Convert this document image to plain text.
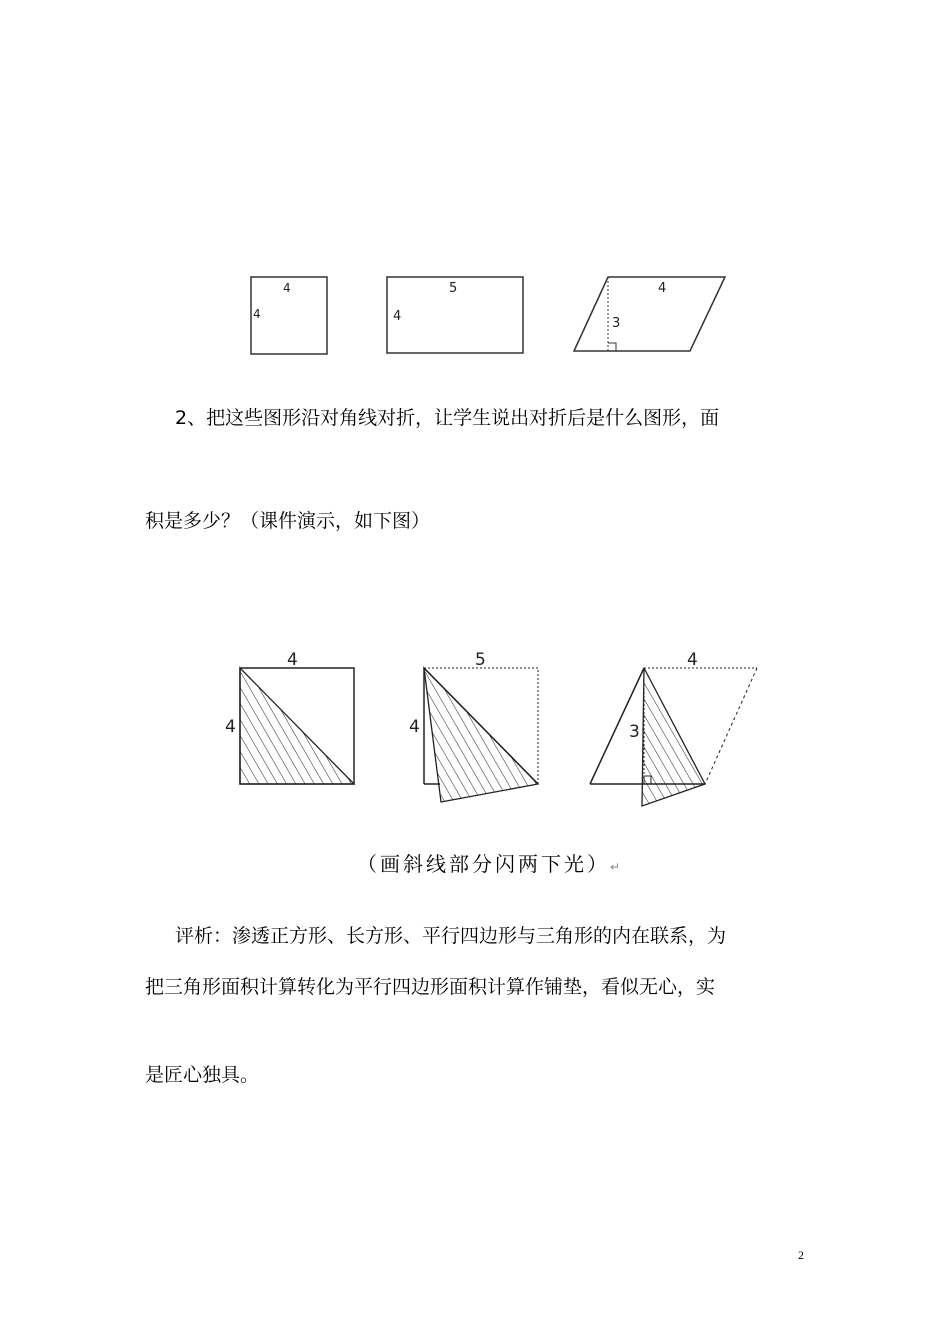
4
4
5
4
4
3
2、把这些图形沿对角线对折，让学生说出对折后是什么图形，面
积是多少？（课件演示，如下图）
4
4
5
4
4
3
（画斜线部分闪两下光）↵
评析：渗透正方形、长方形、平行四边形与三角形的内在联系，为
把三角形面积计算转化为平行四边形面积计算作铺垫，看似无心，实
是匠心独具。
2
